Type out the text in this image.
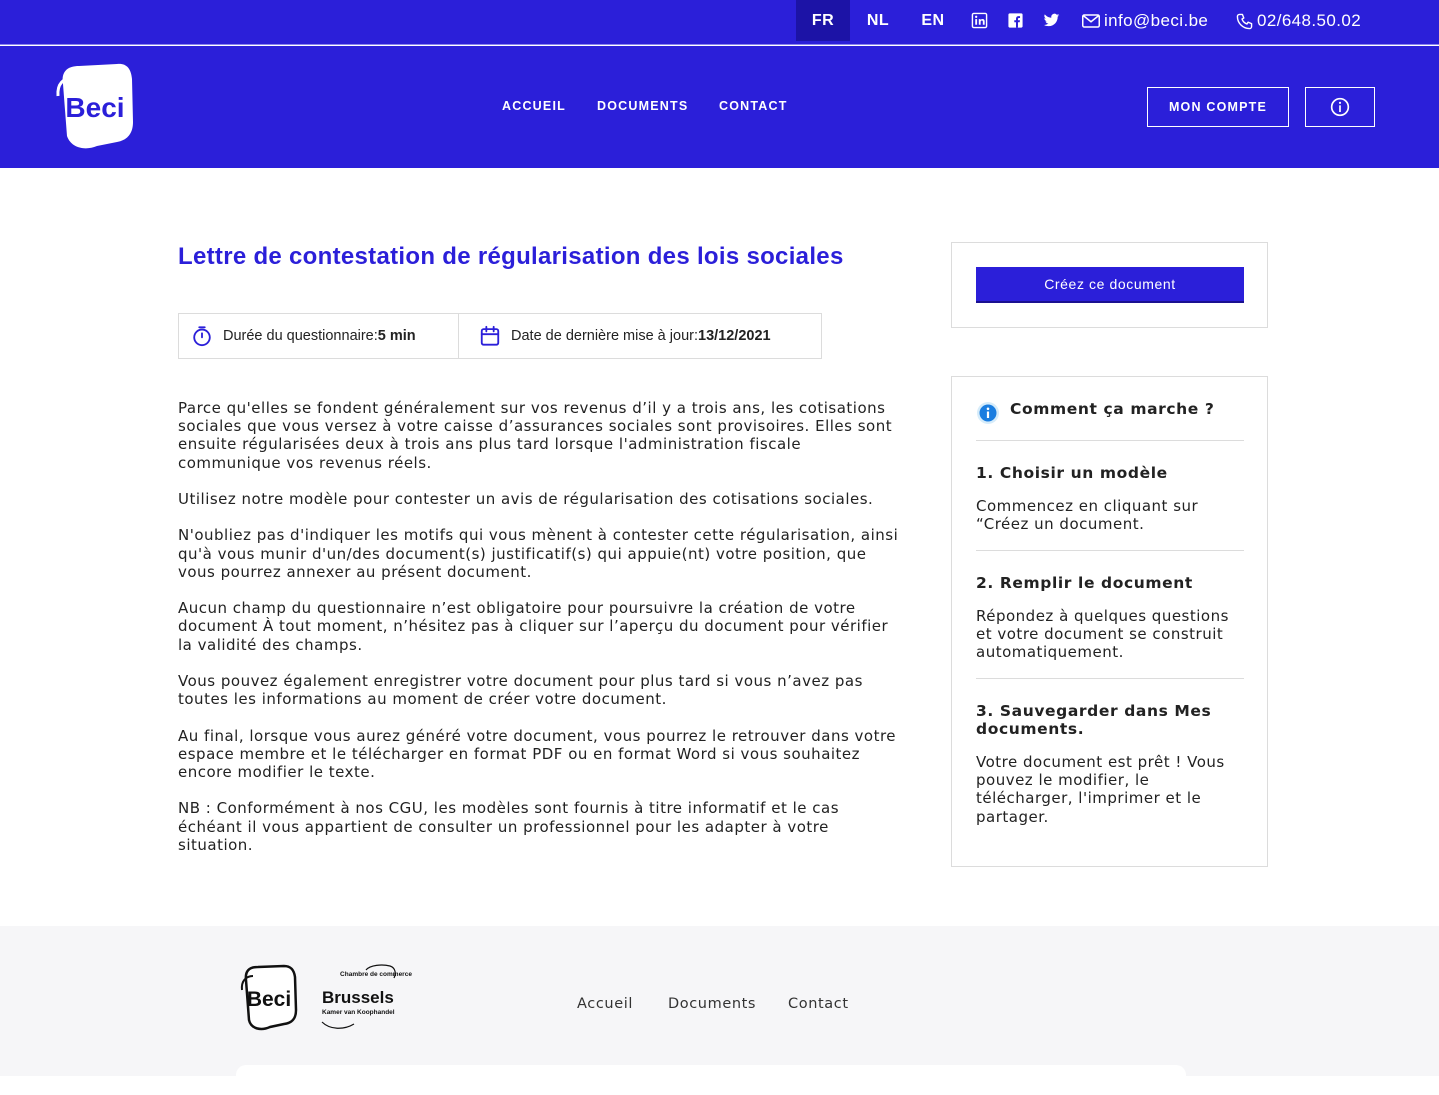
FR	NL	EN	info@beci.be	02/648.50.02
Beci	ACCUEIL DOCUMENTS CONTACT	MON COMPTE
Lettre de contestation de régularisation des lois sociales
Durée du questionnaire: 5 min	Date de dernière mise à jour: 13/12/2021

Parce qu'elles se fondent généralement sur vos revenus d’il y a trois ans, les cotisations sociales que vous versez à votre caisse d’assurances sociales sont provisoires. Elles sont ensuite régularisées deux à trois ans plus tard lorsque l'administration fiscale communique vos revenus réels.

Utilisez notre modèle pour contester un avis de régularisation des cotisations sociales.

N'oubliez pas d'indiquer les motifs qui vous mènent à contester cette régularisation, ainsi qu'à vous munir d'un/des document(s) justificatif(s) qui appuie(nt) votre position, que vous pourrez annexer au présent document.

Aucun champ du questionnaire n’est obligatoire pour poursuivre la création de votre document À tout moment, n’hésitez pas à cliquer sur l’aperçu du document pour vérifier la validité des champs.

Vous pouvez également enregistrer votre document pour plus tard si vous n’avez pas toutes les informations au moment de créer votre document.

Au final, lorsque vous aurez généré votre document, vous pourrez le retrouver dans votre espace membre et le télécharger en format PDF ou en format Word si vous souhaitez encore modifier le texte.

NB : Conformément à nos CGU, les modèles sont fournis à titre informatif et le cas échéant il vous appartient de consulter un professionnel pour les adapter à votre situation.

Créez ce document
Comment ça marche ?
1. Choisir un modèle
Commencez en cliquant sur “Créez un document.
2. Remplir le document
Répondez à quelques questions et votre document se construit automatiquement.
3. Sauvegarder dans Mes documents.
Votre document est prêt ! Vous pouvez le modifier, le télécharger, l'imprimer et le partager.
Beci
Chambre de commerce
Brussels
Kamer van Koophandel
Accueil Documents Contact
